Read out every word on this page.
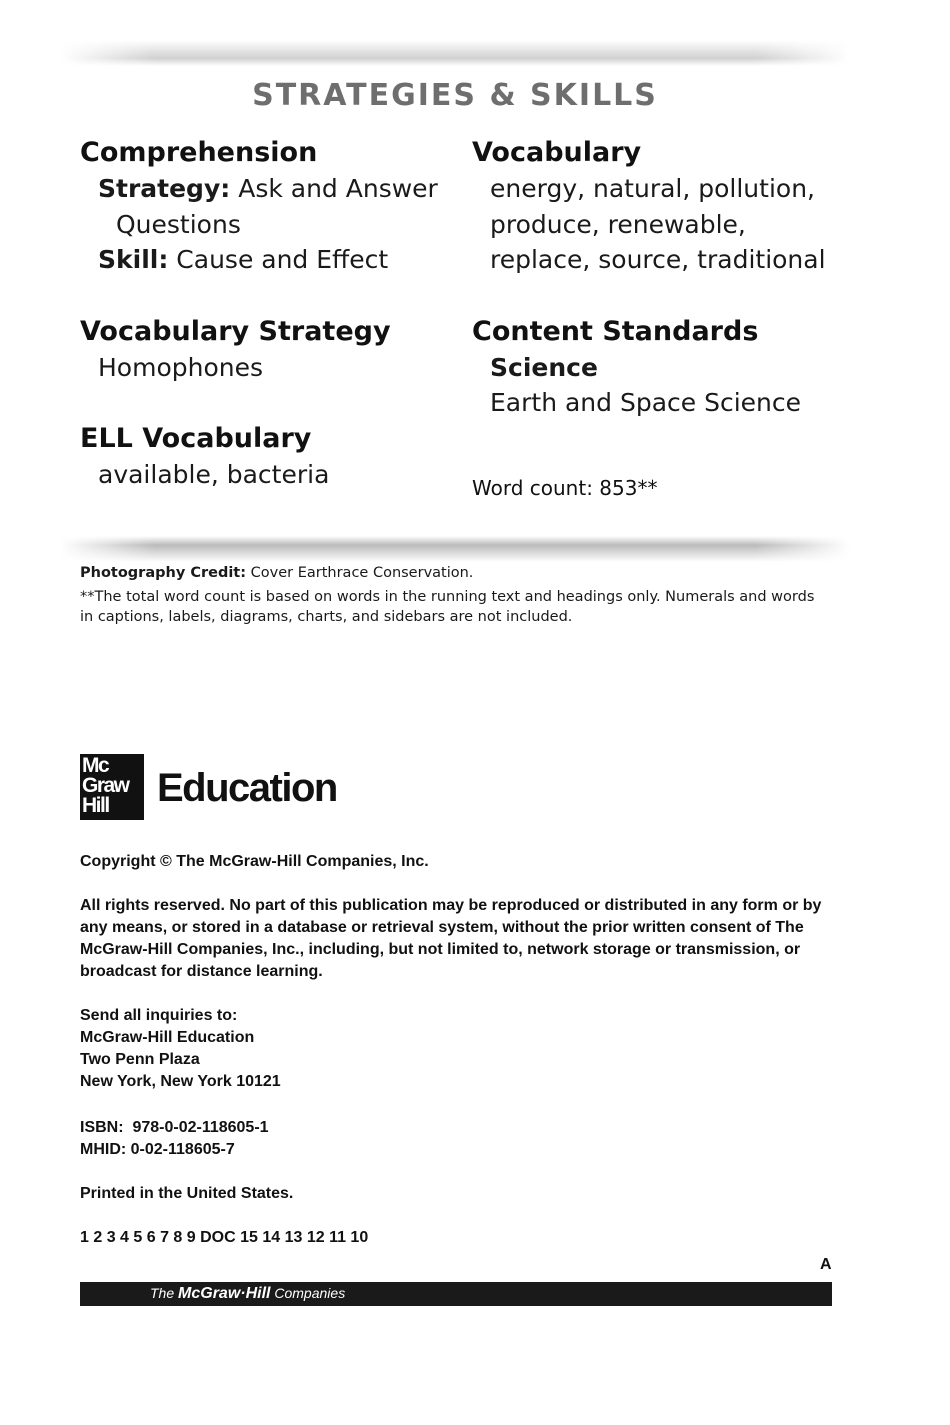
STRATEGIES & SKILLS
Comprehension
Strategy: Ask and Answer
Questions
Skill: Cause and Effect
Vocabulary Strategy
Homophones
ELL Vocabulary
available, bacteria
Vocabulary
energy, natural, pollution,
produce, renewable,
replace, source, traditional
Content Standards
Science
Earth and Space Science
Word count: 853**
Photography Credit: Cover Earthrace Conservation.
**The total word count is based on words in the running text and headings only. Numerals and words
in captions, labels, diagrams, charts, and sidebars are not included.
Mc
Graw
Hill	Education
Copyright © The McGraw-Hill Companies, Inc.
All rights reserved. No part of this publication may be reproduced or distributed in any form or by
any means, or stored in a database or retrieval system, without the prior written consent of The
McGraw-Hill Companies, Inc., including, but not limited to, network storage or transmission, or
broadcast for distance learning.
Send all inquiries to:
McGraw-Hill Education
Two Penn Plaza
New York, New York 10121
ISBN:  978-0-02-118605-1
MHID: 0-02-118605-7
Printed in the United States.
1 2 3 4 5 6 7 8 9 DOC 15 14 13 12 11 10
A
The McGraw·Hill Companies
